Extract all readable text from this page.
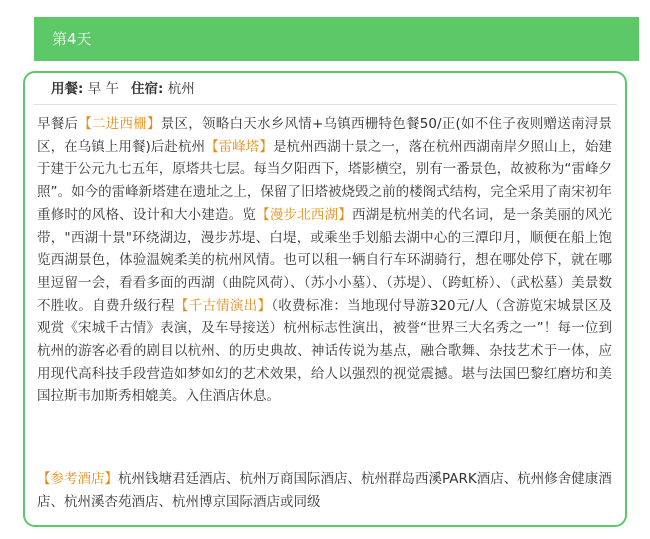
第4天
用餐: 早 午 住宿: 杭州
早餐后【二进西栅】景区，领略白天水乡风情+乌镇西栅特色餐50/正(如不住子夜则赠送南浔景区，在乌镇上用餐)后赴杭州【雷峰塔】是杭州西湖十景之一，落在杭州西湖南岸夕照山上，始建于建于公元九七五年，原塔共七层。每当夕阳西下，塔影横空，别有一番景色，故被称为“雷峰夕照”。如今的雷峰新塔建在遗址之上，保留了旧塔被烧毁之前的楼阁式结构，完全采用了南宋初年重修时的风格、设计和大小建造。览【漫步北西湖】西湖是杭州美的代名词，是一条美丽的风光带，"西湖十景"环绕湖边，漫步苏堤、白堤，或乘坐手划船去湖中心的三潭印月，顺便在船上饱览西湖景色，体验温婉柔美的杭州风情。也可以租一辆自行车环湖骑行，想在哪处停下，就在哪里逗留一会，看看多面的西湖（曲院风荷）、（苏小小墓）、（苏堤）、（跨虹桥）、（武松墓）美景数不胜收。自费升级行程【千古情演出】（收费标准：当地现付导游320元/人（含游览宋城景区及观赏《宋城千古情》表演，及车导接送）杭州标志性演出，被誉“世界三大名秀之一”！每一位到杭州的游客必看的剧目以杭州、的历史典故、神话传说为基点，融合歌舞、杂技艺术于一体，应用现代高科技手段营造如梦如幻的艺术效果，给人以强烈的视觉震撼。堪与法国巴黎红磨坊和美国拉斯韦加斯秀相媲美。入住酒店休息。
【参考酒店】杭州钱塘君廷酒店、杭州万商国际酒店、杭州群岛西溪PARK酒店、杭州修舍健康酒店、杭州溪杏苑酒店、杭州博京国际酒店或同级
